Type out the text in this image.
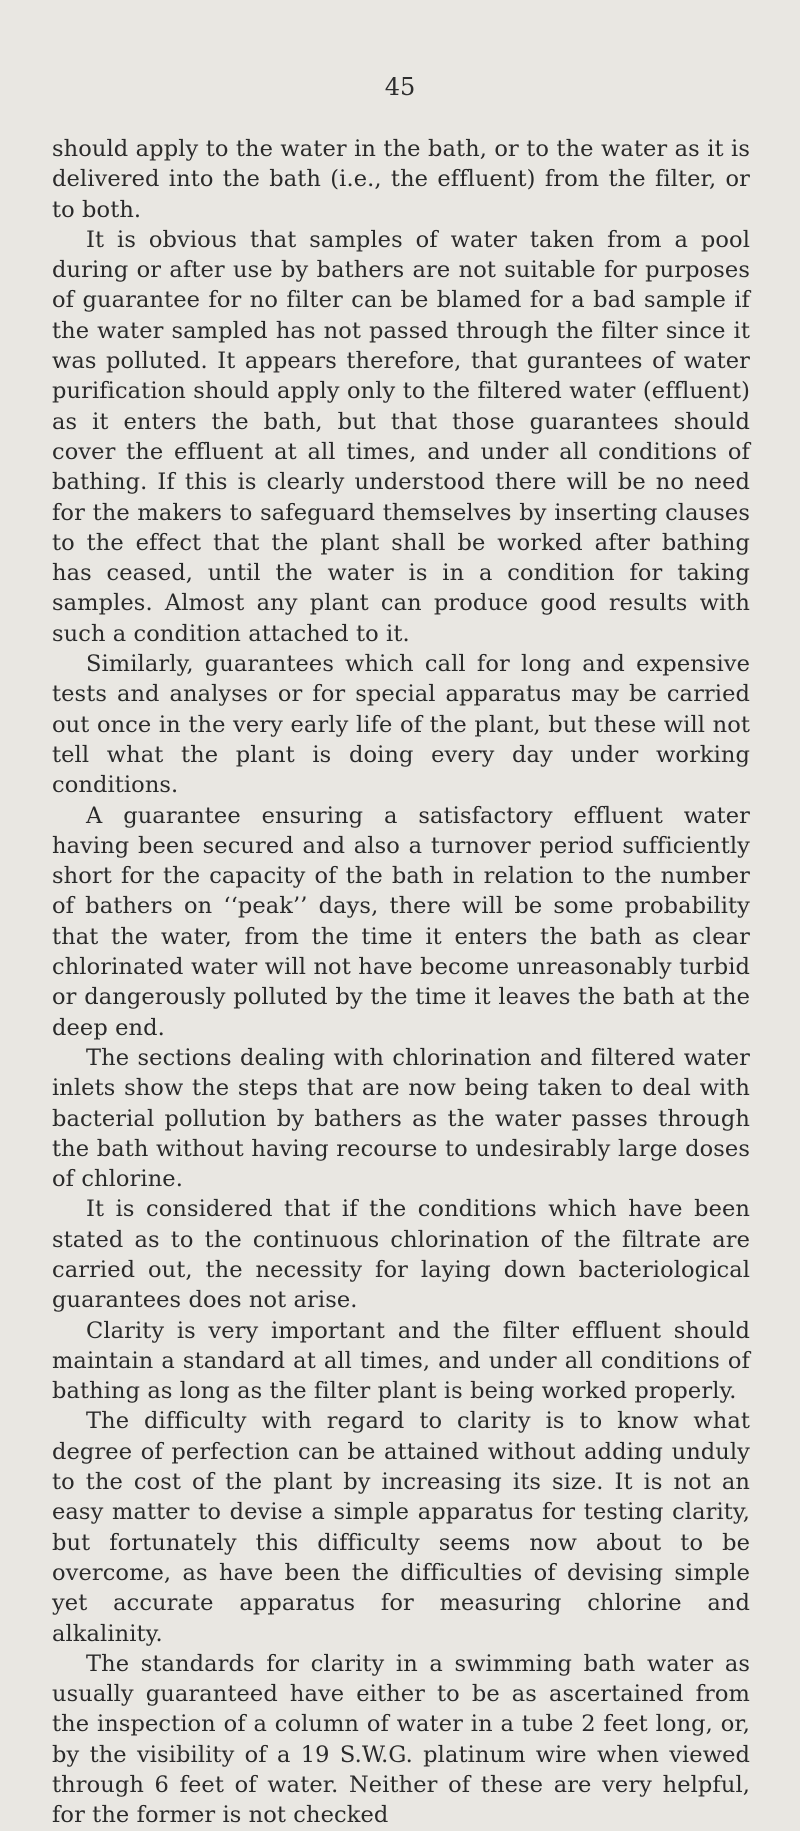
45

should apply to the water in the bath, or to the water as it is delivered into the bath (i.e., the effluent) from the filter, or to both.

It is obvious that samples of water taken from a pool during or after use by bathers are not suitable for purposes of guarantee for no filter can be blamed for a bad sample if the water sampled has not passed through the filter since it was polluted. It appears therefore, that gurantees of water purification should apply only to the filtered water (effluent) as it enters the bath, but that those guarantees should cover the effluent at all times, and under all conditions of bathing. If this is clearly understood there will be no need for the makers to safeguard themselves by inserting clauses to the effect that the plant shall be worked after bathing has ceased, until the water is in a condition for taking samples. Almost any plant can produce good results with such a condition attached to it.

Similarly, guarantees which call for long and expensive tests and analyses or for special apparatus may be carried out once in the very early life of the plant, but these will not tell what the plant is doing every day under working conditions.

A guarantee ensuring a satisfactory effluent water having been secured and also a turnover period sufficiently short for the capacity of the bath in relation to the number of bathers on ‘‘peak’’ days, there will be some probability that the water, from the time it enters the bath as clear chlorinated water will not have become unreasonably turbid or dangerously polluted by the time it leaves the bath at the deep end.

The sections dealing with chlorination and filtered water inlets show the steps that are now being taken to deal with bacterial pollution by bathers as the water passes through the bath without having recourse to undesirably large doses of chlorine.

It is considered that if the conditions which have been stated as to the continuous chlorination of the filtrate are carried out, the necessity for laying down bacteriological guarantees does not arise.

Clarity is very important and the filter effluent should maintain a standard at all times, and under all conditions of bathing as long as the filter plant is being worked properly.

The difficulty with regard to clarity is to know what degree of perfection can be attained without adding unduly to the cost of the plant by increasing its size. It is not an easy matter to devise a simple apparatus for testing clarity, but fortunately this difficulty seems now about to be overcome, as have been the difficulties of devising simple yet accurate apparatus for measuring chlorine and alkalinity.

The standards for clarity in a swimming bath water as usually guaranteed have either to be as ascertained from the inspection of a column of water in a tube 2 feet long, or, by the visibility of a 19 S.W.G. platinum wire when viewed through 6 feet of water. Neither of these are very helpful, for the former is not checked
